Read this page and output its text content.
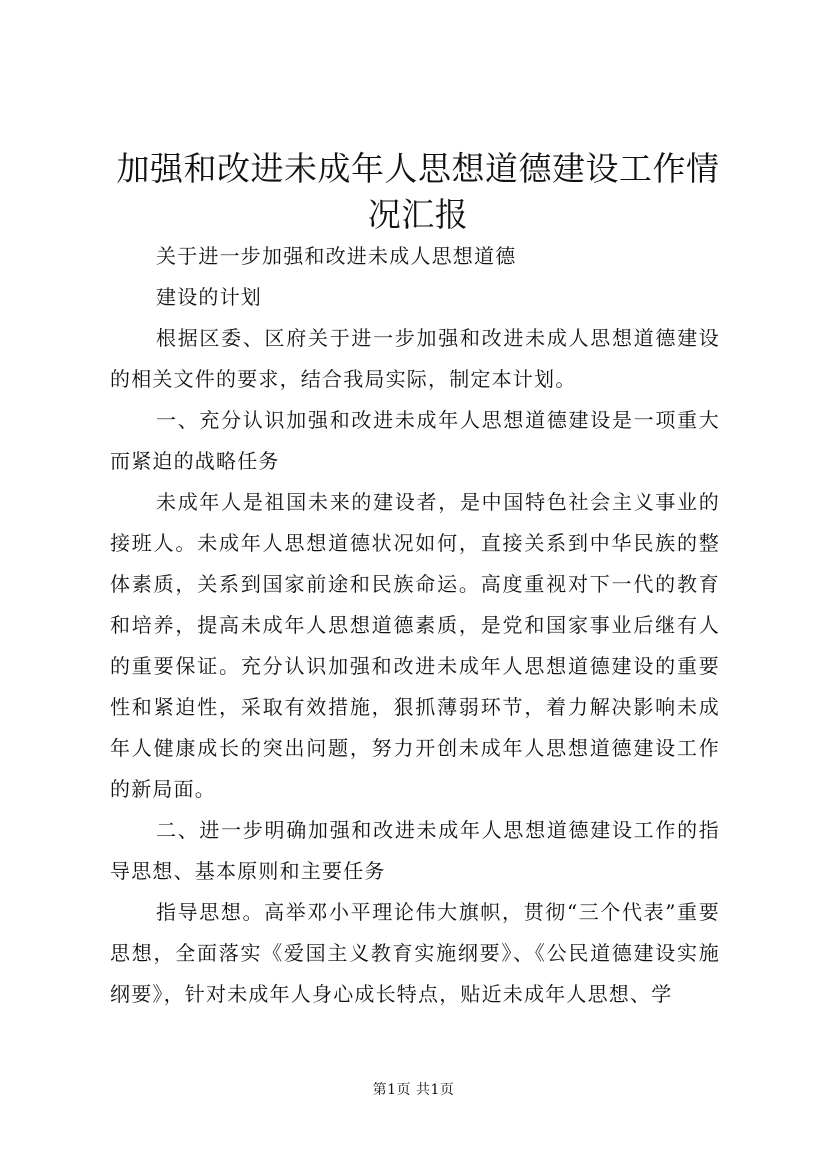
加强和改进未成年人思想道德建设工作情况汇报

关于进一步加强和改进未成人思想道德

建设的计划

根据区委、区府关于进一步加强和改进未成人思想道德建设的相关文件的要求，结合我局实际，制定本计划。

一、充分认识加强和改进未成年人思想道德建设是一项重大而紧迫的战略任务

未成年人是祖国未来的建设者，是中国特色社会主义事业的接班人。未成年人思想道德状况如何，直接关系到中华民族的整体素质，关系到国家前途和民族命运。高度重视对下一代的教育和培养，提高未成年人思想道德素质，是党和国家事业后继有人的重要保证。充分认识加强和改进未成年人思想道德建设的重要性和紧迫性，采取有效措施，狠抓薄弱环节，着力解决影响未成年人健康成长的突出问题，努力开创未成年人思想道德建设工作的新局面。

二、进一步明确加强和改进未成年人思想道德建设工作的指导思想、基本原则和主要任务

指导思想。高举邓小平理论伟大旗帜，贯彻“三个代表”重要思想，全面落实《爱国主义教育实施纲要》、《公民道德建设实施纲要》，针对未成年人身心成长特点，贴近未成年人思想、学

第1页 共1页
